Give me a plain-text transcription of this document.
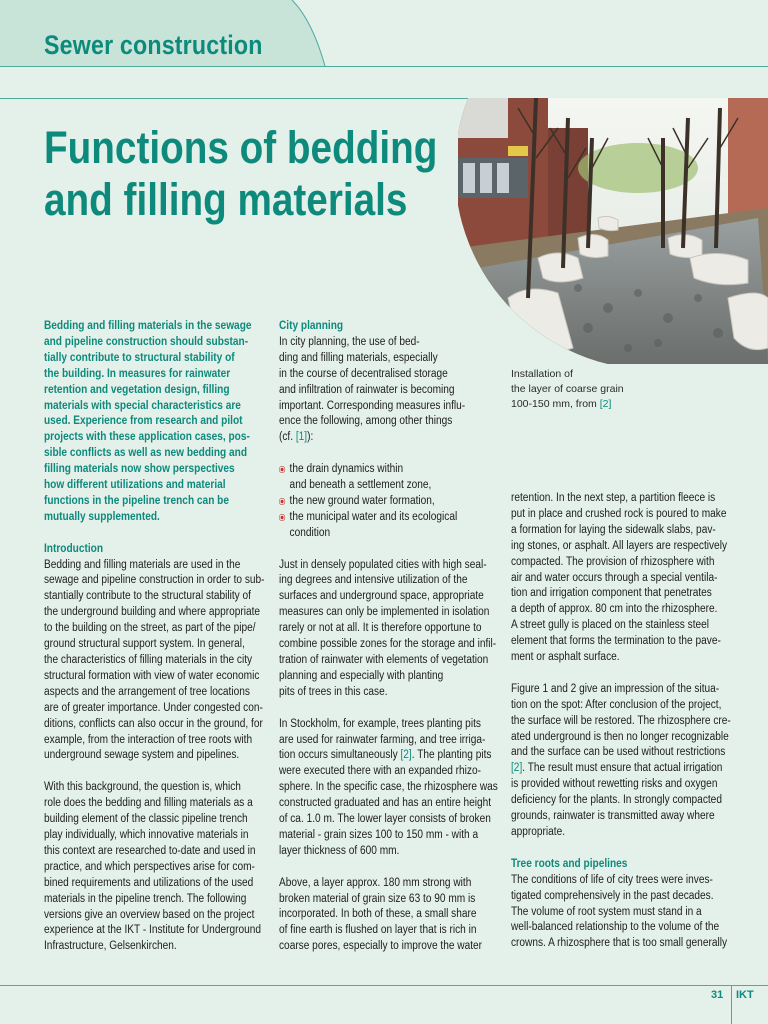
Sewer construction
Functions of bedding
and filling materials
Installation of
the layer of coarse grain
100-150 mm, from [2]

Bedding and filling materials in the sewage

and pipeline construction should substan-

tially contribute to structural stability of

the building. In measures for rainwater

retention and vegetation design, filling

materials with special characteristics are

used. Experience from research and pilot

projects with these application cases, pos-

sible conflicts as well as new bedding and

filling materials now show perspectives

how different utilizations and material

functions in the pipeline trench can be

mutually supplemented.

Introduction

Bedding and filling materials are used in the

sewage and pipeline construction in order to sub-

stantially contribute to the structural stability of

the underground building and where appropriate

to the building on the street, as part of the pipe/

ground structural support system. In general,

the characteristics of filling materials in the city

structural formation with view of water economic

aspects and the arrangement of tree locations

are of greater importance. Under congested con-

ditions, conflicts can also occur in the ground, for

example, from the interaction of tree roots with

underground sewage system and pipelines.

With this background, the question is, which

role does the bedding and filling materials as a

building element of the classic pipeline trench

play individually, which innovative materials in

this context are researched to-date and used in

practice, and which perspectives arise for com-

bined requirements and utilizations of the used

materials in the pipeline trench. The following

versions give an overview based on the project

experience at the IKT - Institute for Underground

Infrastructure, Gelsenkirchen.

City planning

In city planning, the use of bed-

ding and filling materials, especially

in the course of decentralised storage

and infiltration of rainwater is becoming

important. Corresponding measures influ-

ence the following, among other things

(cf. [1]):

the drain dynamics within

and beneath a settlement zone,

the new ground water formation,

the municipal water and its ecological

condition

Just in densely populated cities with high seal-

ing degrees and intensive utilization of the

surfaces and underground space, appropriate

measures can only be implemented in isolation

rarely or not at all. It is therefore opportune to

combine possible zones for the storage and infil-

tration of rainwater with elements of vegetation

planning and especially with planting

pits of trees in this case.

In Stockholm, for example, trees planting pits

are used for rainwater farming, and tree irriga-

tion occurs simultaneously [2]. The planting pits

were executed there with an expanded rhizo-

sphere. In the specific case, the rhizosphere was

constructed graduated and has an entire height

of ca. 1.0 m. The lower layer consists of broken

material - grain sizes 100 to 150 mm - with a

layer thickness of 600 mm.

Above, a layer approx. 180 mm strong with

broken material of grain size 63 to 90 mm is

incorporated. In both of these, a small share

of fine earth is flushed on layer that is rich in

coarse pores, especially to improve the water

retention. In the next step, a partition fleece is

put in place and crushed rock is poured to make

a formation for laying the sidewalk slabs, pav-

ing stones, or asphalt. All layers are respectively

compacted. The provision of rhizosphere with

air and water occurs through a special ventila-

tion and irrigation component that penetrates

a depth of approx. 80 cm into the rhizosphere.

A street gully is placed on the stainless steel

element that forms the termination to the pave-

ment or asphalt surface.

Figure 1 and 2 give an impression of the situa-

tion on the spot: After conclusion of the project,

the surface will be restored. The rhizosphere cre-

ated underground is then no longer recognizable

and the surface can be used without restrictions

[2]. The result must ensure that actual irrigation

is provided without rewetting risks and oxygen

deficiency for the plants. In strongly compacted

grounds, rainwater is transmitted away where

appropriate.

Tree roots and pipelines

The conditions of life of city trees were inves-

tigated comprehensively in the past decades.

The volume of root system must stand in a

well-balanced relationship to the volume of the

crowns. A rhizosphere that is too small generally

31 IKT
